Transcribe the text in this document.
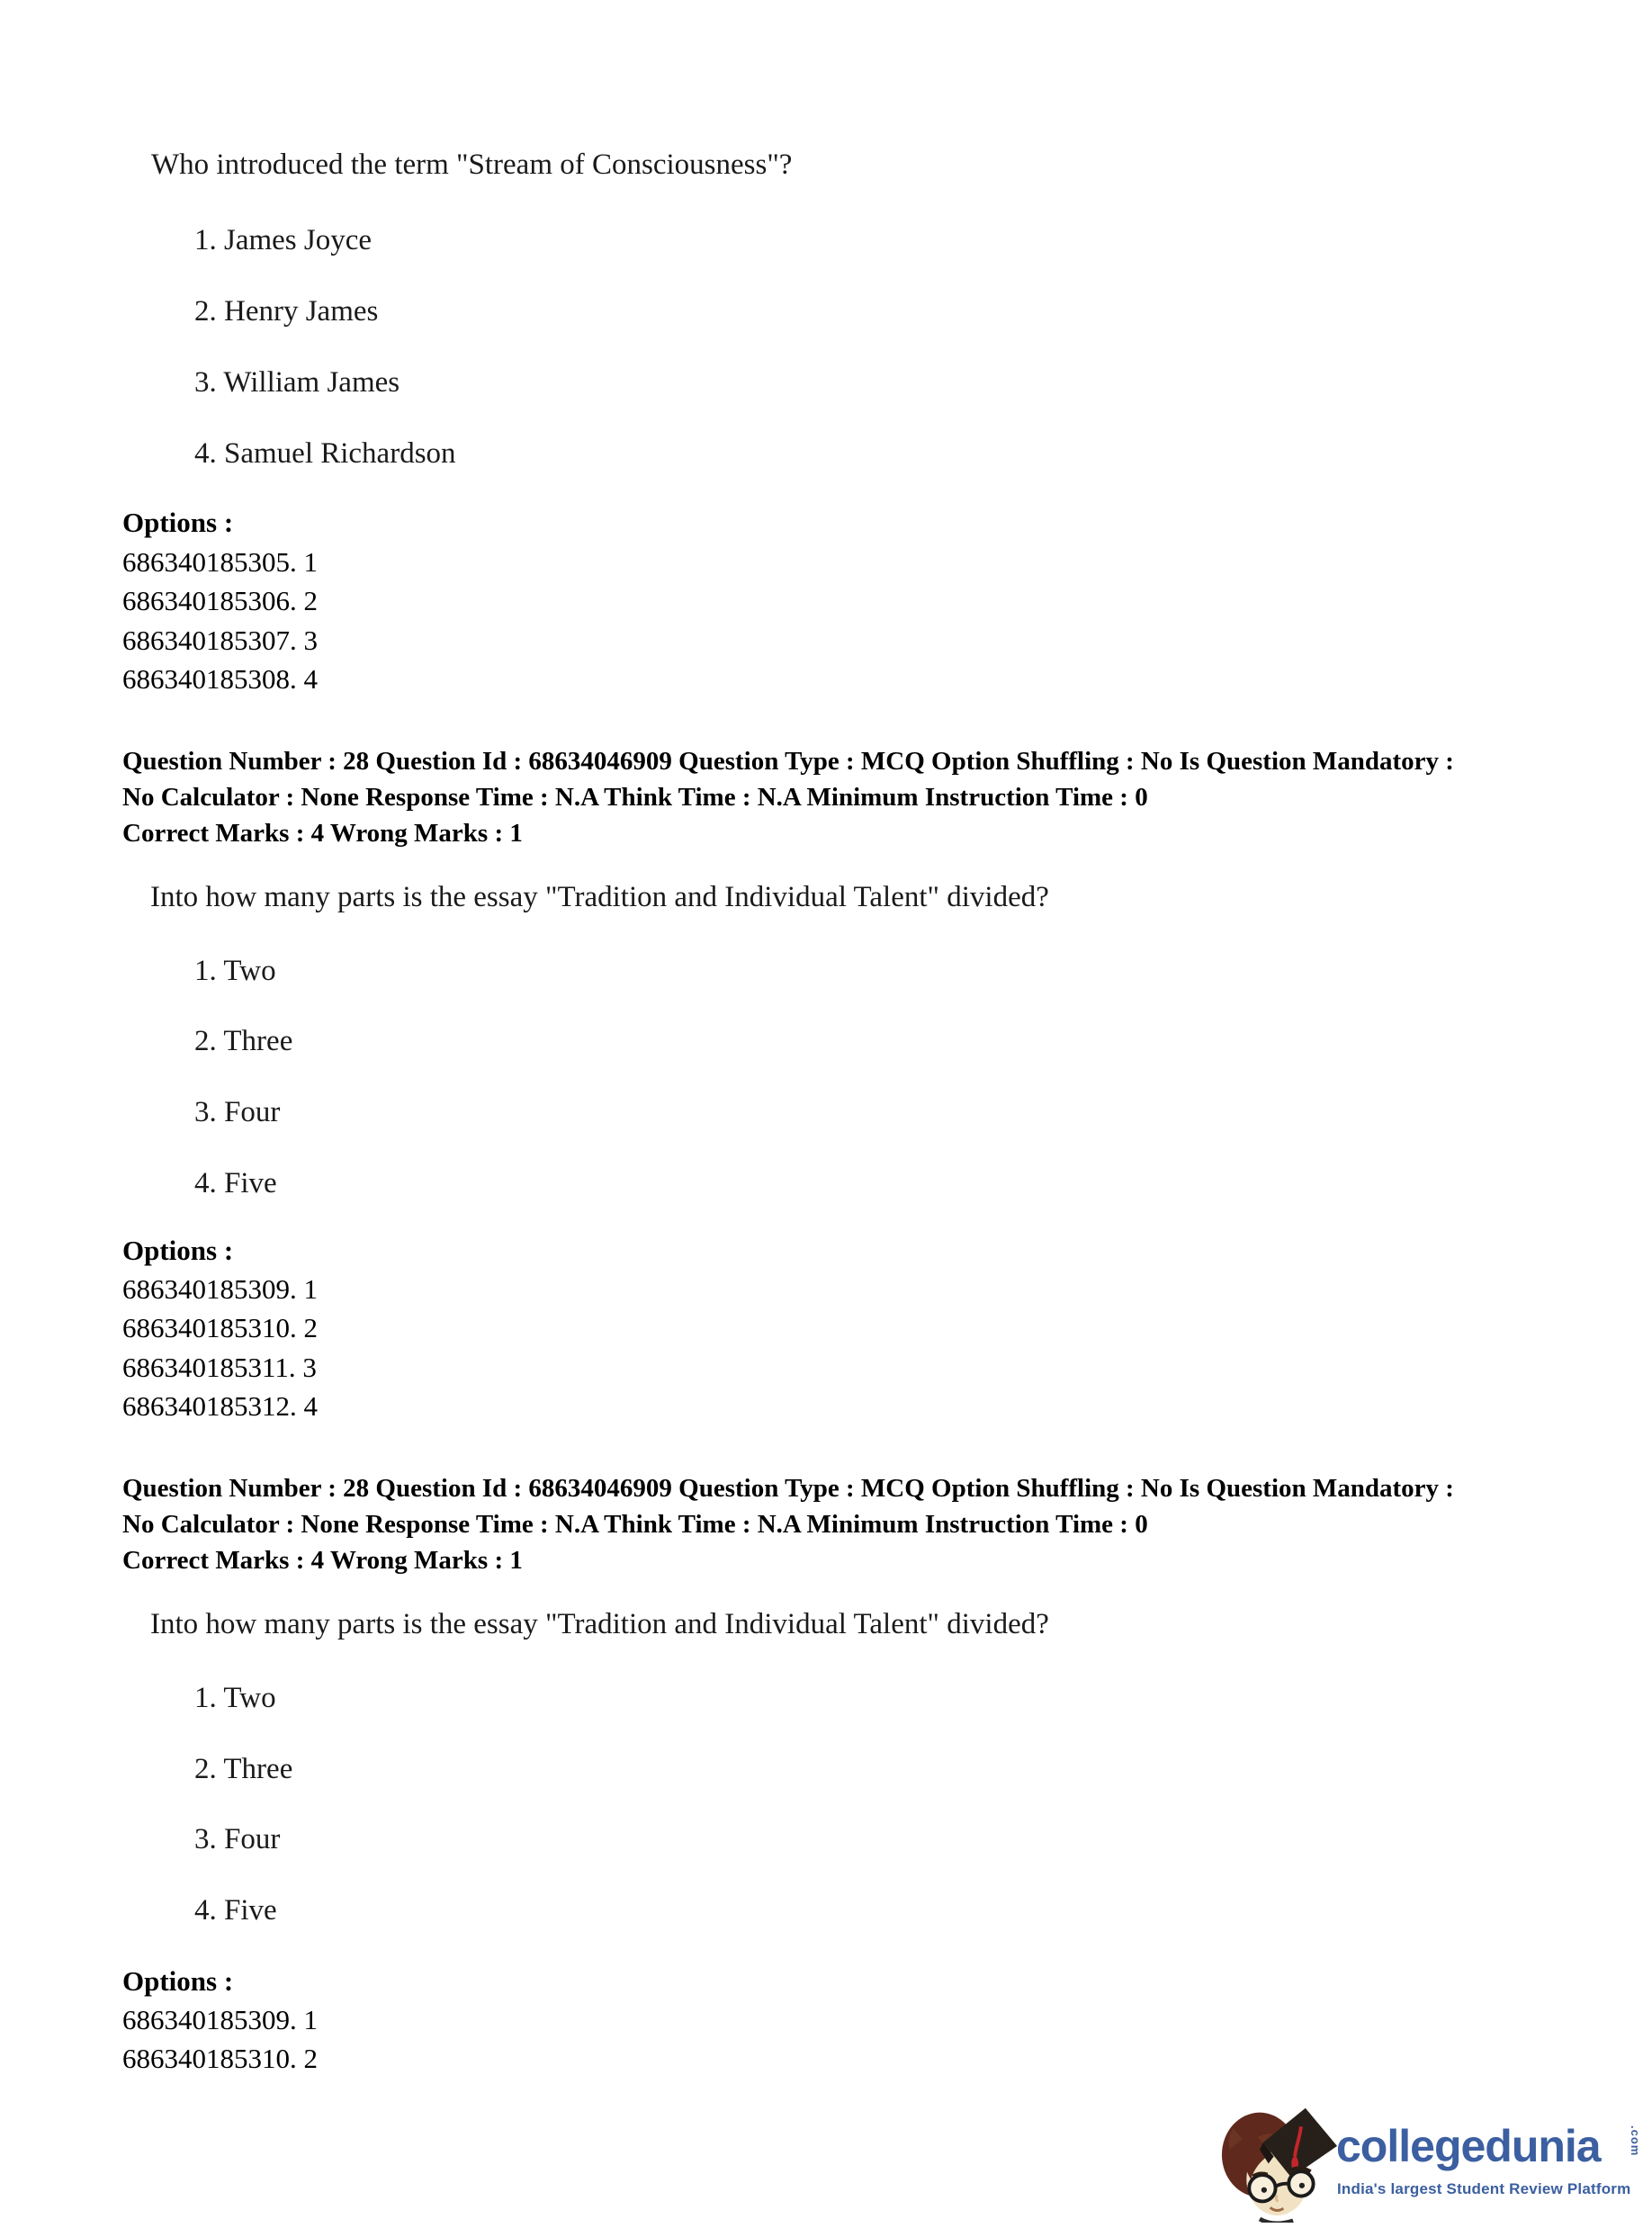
Who introduced the term "Stream of Consciousness"?
1. James Joyce
2. Henry James
3. William James
4. Samuel Richardson
Options :
686340185305. 1
686340185306. 2
686340185307. 3
686340185308. 4
Question Number : 28 Question Id : 68634046909 Question Type : MCQ Option Shuffling : No Is Question Mandatory :
No Calculator : None Response Time : N.A Think Time : N.A Minimum Instruction Time : 0
Correct Marks : 4 Wrong Marks : 1
Into how many parts is the essay "Tradition and Individual Talent" divided?
1. Two
2. Three
3. Four
4. Five
Options :
686340185309. 1
686340185310. 2
686340185311. 3
686340185312. 4
Question Number : 28 Question Id : 68634046909 Question Type : MCQ Option Shuffling : No Is Question Mandatory :
No Calculator : None Response Time : N.A Think Time : N.A Minimum Instruction Time : 0
Correct Marks : 4 Wrong Marks : 1
Into how many parts is the essay "Tradition and Individual Talent" divided?
1. Two
2. Three
3. Four
4. Five
Options :
686340185309. 1
686340185310. 2
collegedunia .com
India's largest Student Review Platform
